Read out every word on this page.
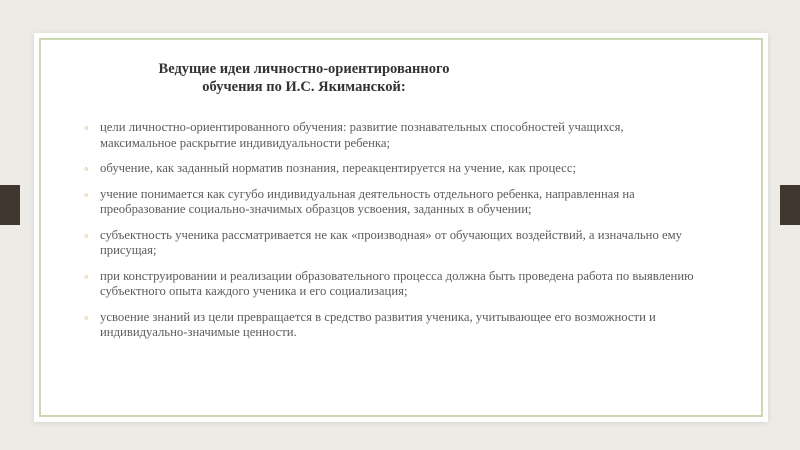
Ведущие идеи личностно-ориентированного обучения по И.С. Якиманской:
◦ цели личностно-ориентированного обучения: развитие познавательных способностей учащихся, максимальное раскрытие индивидуальности ребенка;
◦ обучение, как заданный норматив познания, переакцентируется на учение, как процесс;
◦ учение понимается как сугубо индивидуальная деятельность отдельного ребенка, направленная на преобразование социально-значимых образцов усвоения, заданных в обучении;
◦ субъектность ученика рассматривается не как «производная» от обучающих воздействий, а изначально ему присущая;
◦ при конструировании и реализации образовательного процесса должна быть проведена работа по выявлению субъектного опыта каждого ученика и его социализация;
◦ усвоение знаний из цели превращается в средство развития ученика, учитывающее его возможности и индивидуально-значимые ценности.
